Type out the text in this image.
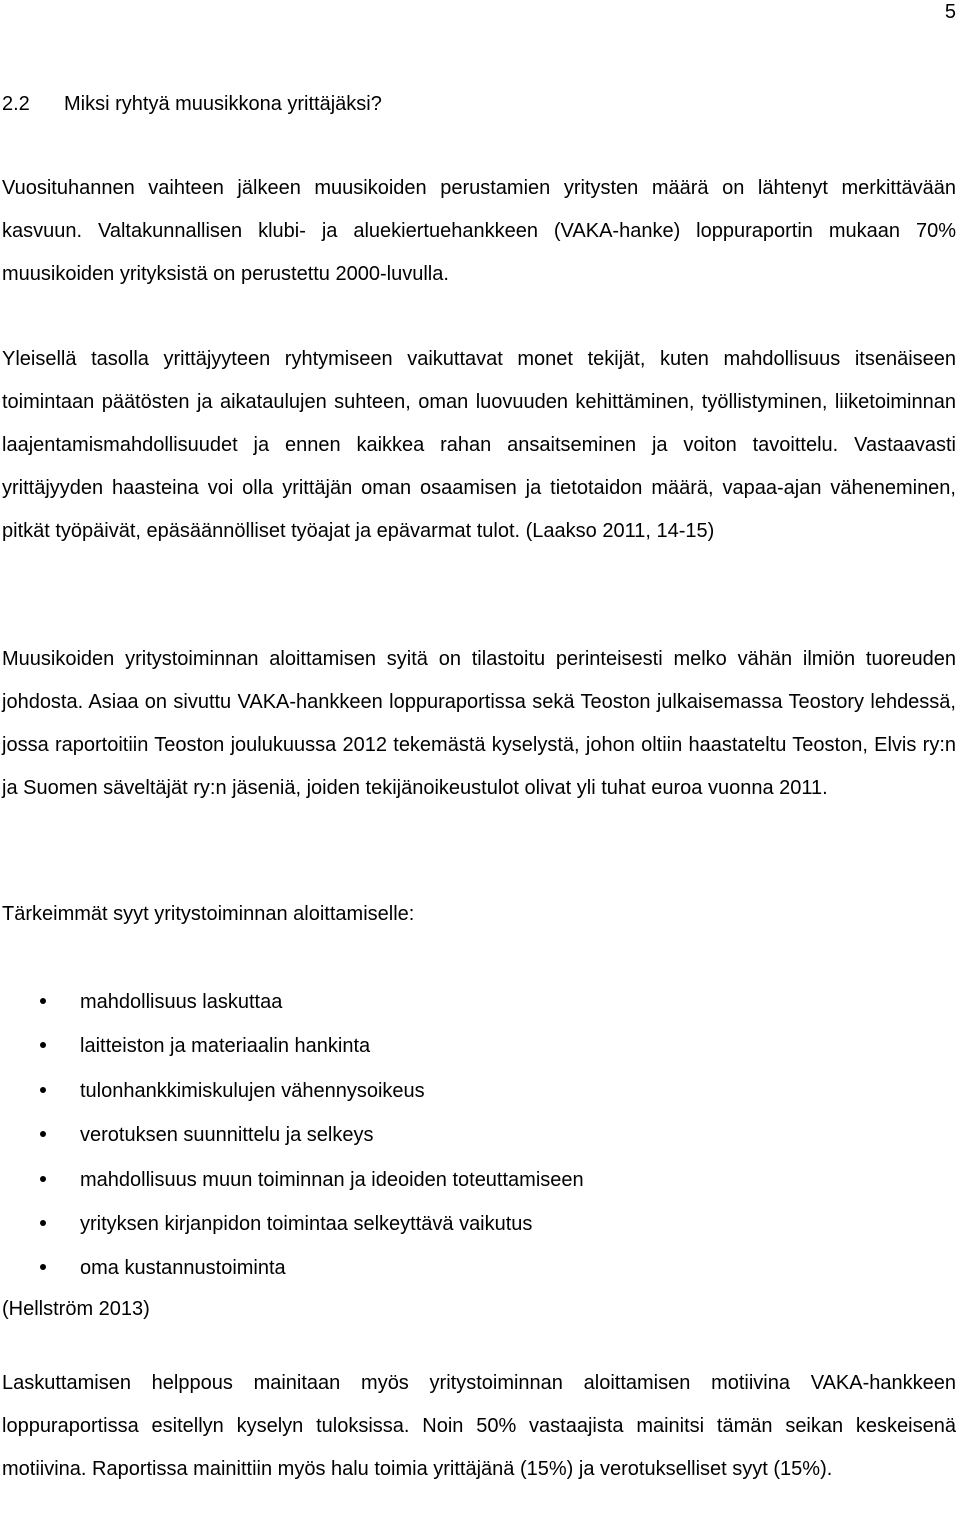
5
2.2 Miksi ryhtyä muusikkona yrittäjäksi?

Vuosituhannen vaihteen jälkeen muusikoiden perustamien yritysten määrä on lähtenyt merkittävään kasvuun. Valtakunnallisen klubi- ja aluekiertuehankkeen (VAKA-hanke) loppuraportin mukaan 70% muusikoiden yrityksistä on perustettu 2000-luvulla.

Yleisellä tasolla yrittäjyyteen ryhtymiseen vaikuttavat monet tekijät, kuten mahdollisuus itsenäiseen toimintaan päätösten ja aikataulujen suhteen, oman luovuuden kehittäminen, työllistyminen, liiketoiminnan laajentamismahdollisuudet ja ennen kaikkea rahan ansaitseminen ja voiton tavoittelu. Vastaavasti yrittäjyyden haasteina voi olla yrittäjän oman osaamisen ja tietotaidon määrä, vapaa-ajan väheneminen, pitkät työpäivät, epäsäännölliset työajat ja epävarmat tulot. (Laakso 2011, 14-15)

Muusikoiden yritystoiminnan aloittamisen syitä on tilastoitu perinteisesti melko vähän ilmiön tuoreuden johdosta. Asiaa on sivuttu VAKA-hankkeen loppuraportissa sekä Teoston julkaisemassa Teostory lehdessä, jossa raportoitiin Teoston joulukuussa 2012 tekemästä kyselystä, johon oltiin haastateltu Teoston, Elvis ry:n ja Suomen säveltäjät ry:n jäseniä, joiden tekijänoikeustulot olivat yli tuhat euroa vuonna 2011.

Tärkeimmät syyt yritystoiminnan aloittamiselle:

mahdollisuus laskuttaa
laitteiston ja materiaalin hankinta
tulonhankkimiskulujen vähennysoikeus
verotuksen suunnittelu ja selkeys
mahdollisuus muun toiminnan ja ideoiden toteuttamiseen
yrityksen kirjanpidon toimintaa selkeyttävä vaikutus
oma kustannustoiminta
(Hellström 2013)

Laskuttamisen helppous mainitaan myös yritystoiminnan aloittamisen motiivina VAKA-hankkeen loppuraportissa esitellyn kyselyn tuloksissa. Noin 50% vastaajista mainitsi tämän seikan keskeisenä motiivina. Raportissa mainittiin myös halu toimia yrittäjänä (15%) ja verotukselliset syyt (15%).
